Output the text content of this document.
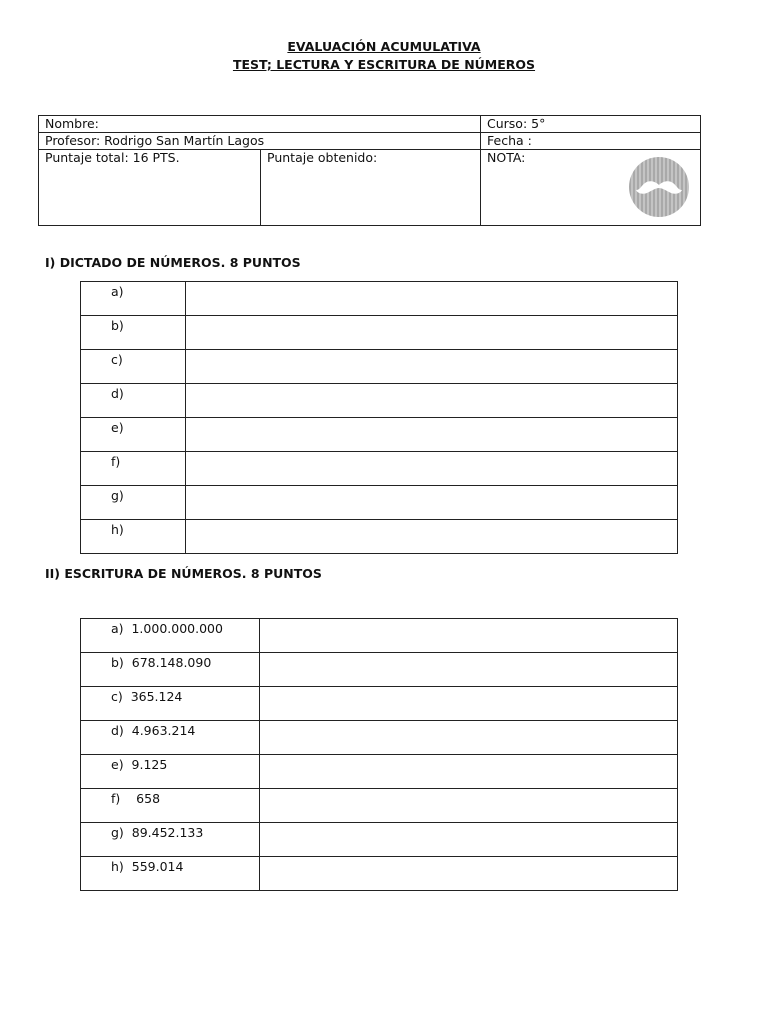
EVALUACIÓN ACUMULATIVA
TEST; LECTURA Y ESCRITURA DE NÚMEROS
Nombre:		Curso: 5°
Profesor: Rodrigo San Martín Lagos		Fecha :
Puntaje total: 16 PTS.	Puntaje obtenido:	NOTA:
I) DICTADO DE NÚMEROS. 8 PUNTOS
a)	
b)	
c)	
d)	
e)	
f)	
g)	
h)	
II) ESCRITURA DE NÚMEROS. 8 PUNTOS
a)  1.000.000.000	
b)  678.148.090	
c)  365.124	
d)  4.963.214	
e)  9.125	
f)    658	
g)  89.452.133	
h)  559.014	
